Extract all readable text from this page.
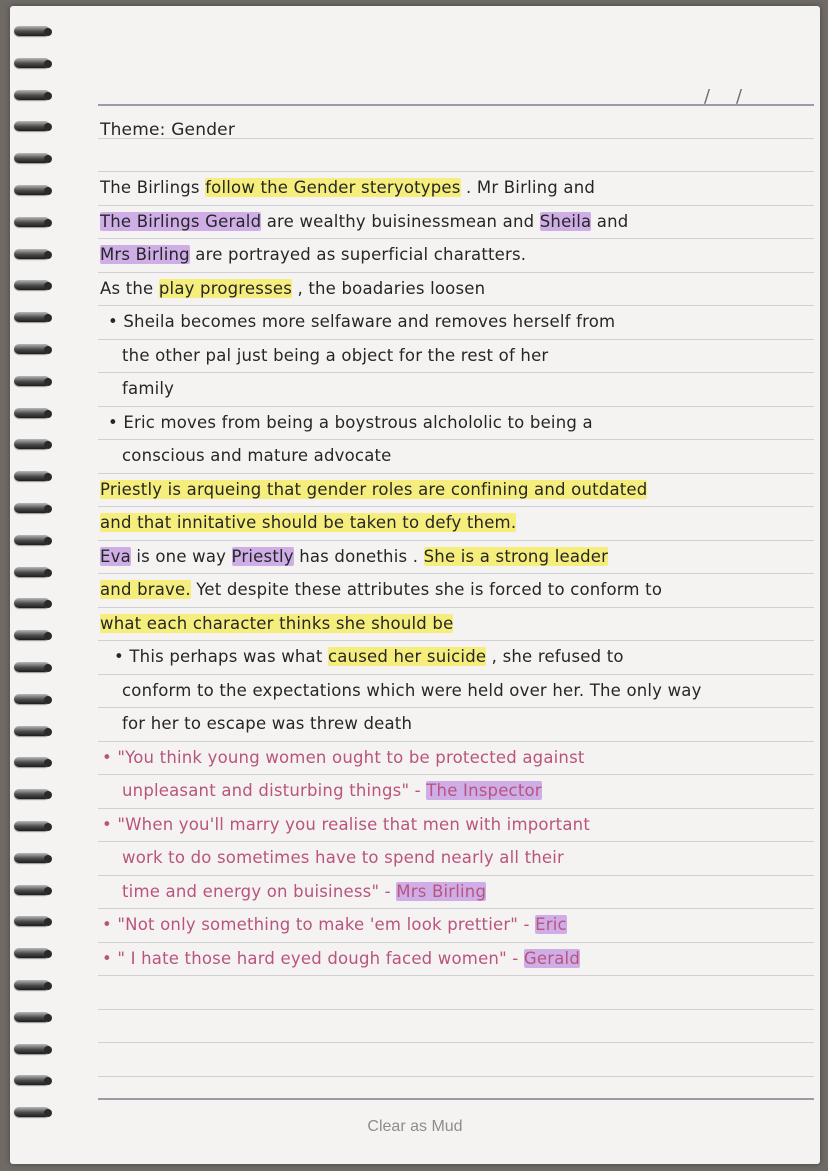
/ /
Theme: Gender
The Birlings follow the Gender steryotypes . Mr Birling and
The Birlings Gerald are wealthy buisinessmean and Sheila and
Mrs Birling are portrayed as superficial charatters.
As the play progresses , the boadaries loosen
• Sheila becomes more selfaware and removes herself from
the other pal just being a object for the rest of her
family
• Eric moves from being a boystrous alchololic to being a
conscious and mature advocate
Priestly is arqueing that gender roles are confining and outdated
and that innitative should be taken to defy them.
Eva is one way Priestly has donethis . She is a strong leader
and brave. Yet despite these attributes she is forced to conform to
what each character thinks she should be
• This perhaps was what caused her suicide , she refused to
conform to the expectations which were held over her. The only way
for her to escape was threw death
• "You think young women ought to be protected against
unpleasant and disturbing things" - The Inspector
• "When you'll marry you realise that men with important
work to do sometimes have to spend nearly all their
time and energy on buisiness" - Mrs Birling
• "Not only something to make 'em look prettier" - Eric
• " I hate those hard eyed dough faced women" - Gerald
Clear as Mud
